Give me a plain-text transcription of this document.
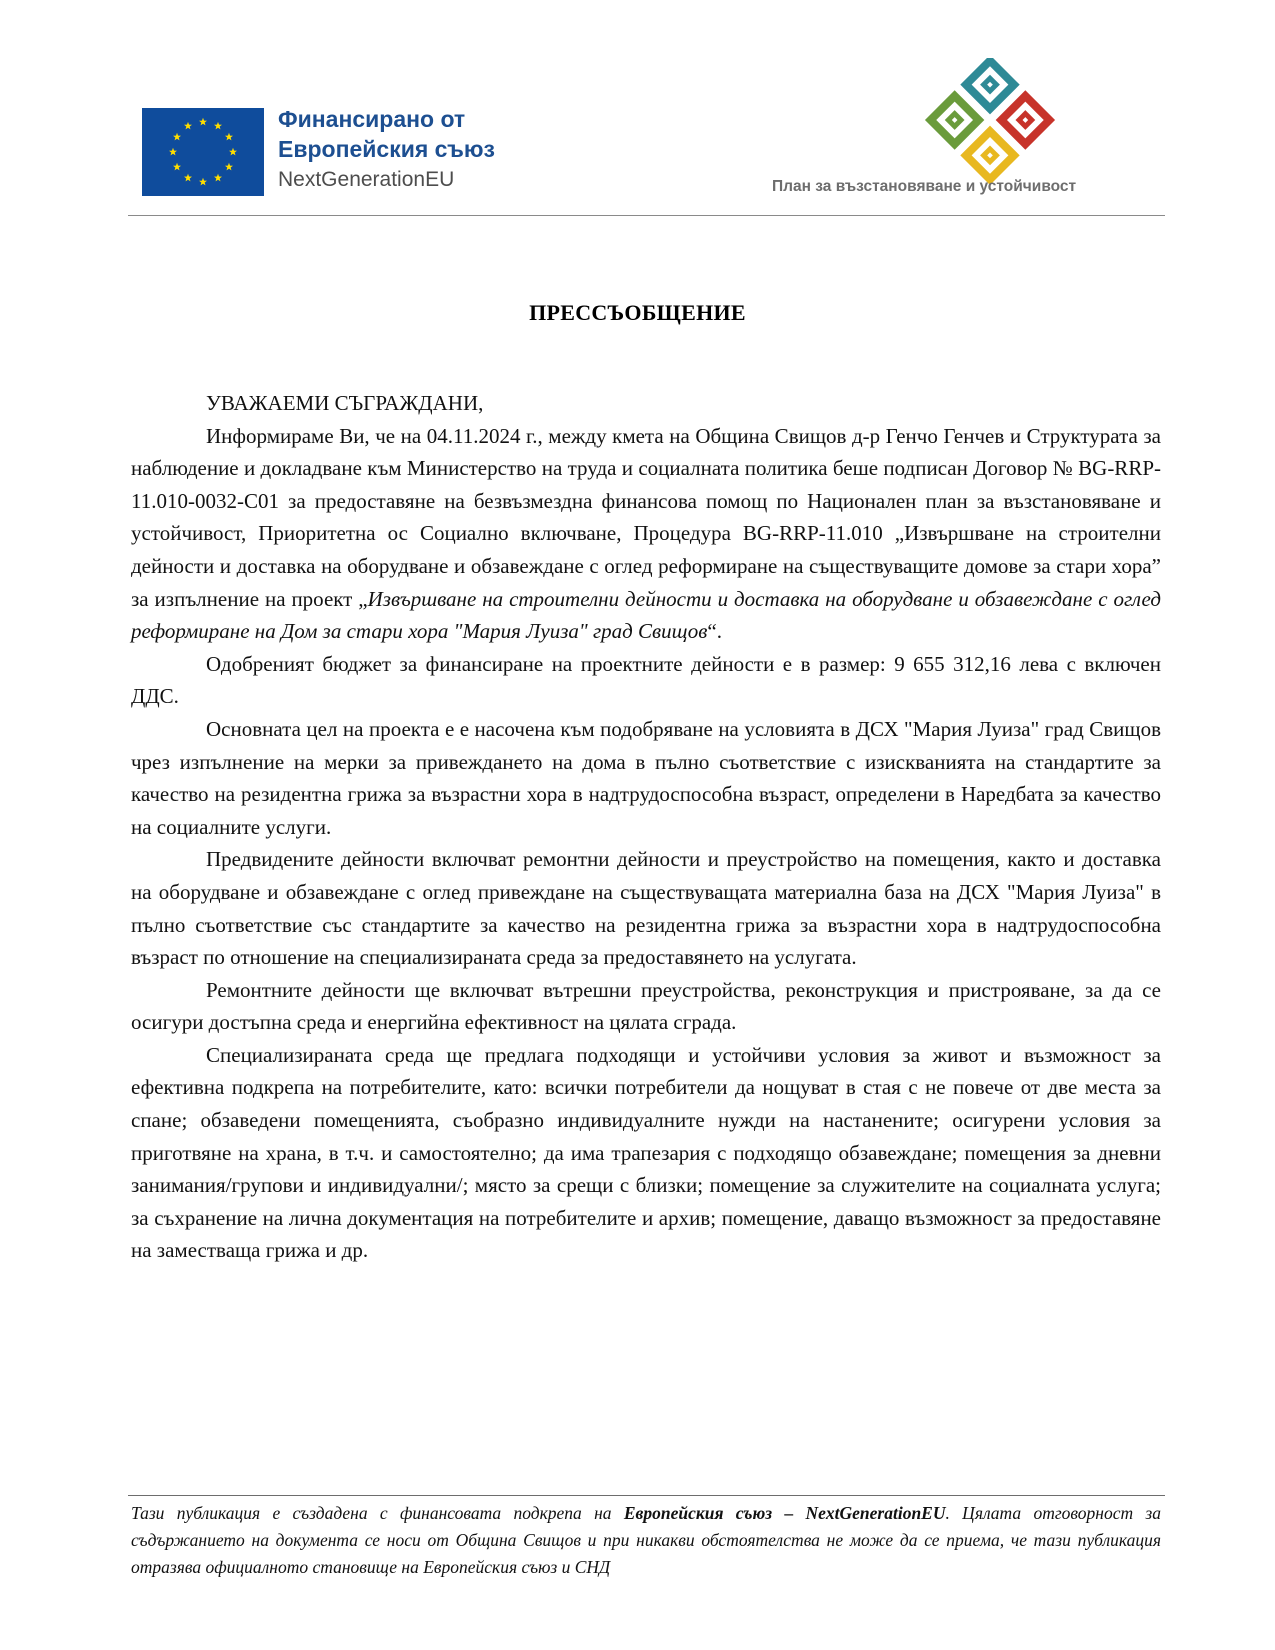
Финансирано от
Европейския съюз
NextGenerationEU	План за възстановяване и устойчивост
ПРЕССЪОБЩЕНИЕ

УВАЖАЕМИ СЪГРАЖДАНИ,

Информираме Ви, че на 04.11.2024 г., между кмета на Община Свищов д-р Генчо Генчев и Структурата за наблюдение и докладване към Министерство на труда и социалната политика беше подписан Договор № BG-RRP-11.010-0032-C01 за предоставяне на безвъзмездна финансова помощ по Национален план за възстановяване и устойчивост, Приоритетна ос Социално включване, Процедура BG-RRP-11.010 „Извършване на строителни дейности и доставка на оборудване и обзавеждане с оглед реформиране на съществуващите домове за стари хора” за изпълнение на проект „Извършване на строителни дейности и доставка на оборудване и обзавеждане с оглед реформиране на Дом за стари хора "Мария Луиза" град Свищов“.

Одобреният бюджет за финансиране на проектните дейности е в размер: 9 655 312,16 лева с включен ДДС.

Основната цел на проекта е е насочена към подобряване на условията в ДСХ "Мария Луиза" град Свищов чрез изпълнение на мерки за привеждането на дома в пълно съответствие с изискванията на стандартите за качество на резидентна грижа за възрастни хора в надтрудоспособна възраст, определени в Наредбата за качество на социалните услуги.

Предвидените дейности включват ремонтни дейности и преустройство на помещения, както и доставка на оборудване и обзавеждане с оглед привеждане на съществуващата материална база на ДСХ "Мария Луиза" в пълно съответствие със стандартите за качество на резидентна грижа за възрастни хора в надтрудоспособна възраст по отношение на специализираната среда за предоставянето на услугата.

Ремонтните дейности ще включват вътрешни преустройства, реконструкция и пристрояване, за да се осигури достъпна среда и енергийна ефективност на цялата сграда.

Специализираната среда ще предлага подходящи и устойчиви условия за живот и възможност за ефективна подкрепа на потребителите, като: всички потребители да нощуват в стая с не повече от две места за спане; обзаведени помещенията, съобразно индивидуалните нужди на настанените; осигурени условия за приготвяне на храна, в т.ч. и самостоятелно; да има трапезария с подходящо обзавеждане; помещения за дневни занимания/групови и индивидуални/; място за срещи с близки; помещение за служителите на социалната услуга; за съхранение на лична документация на потребителите и архив; помещение, даващо възможност за предоставяне на заместваща грижа и др.

Тази публикация е създадена с финансовата подкрепа на Европейския съюз – NextGenerationEU. Цялата отговорност за съдържанието на документа се носи от Община Свищов и при никакви обстоятелства не може да се приема, че тази публикация отразява официалното становище на Европейския съюз и СНД
